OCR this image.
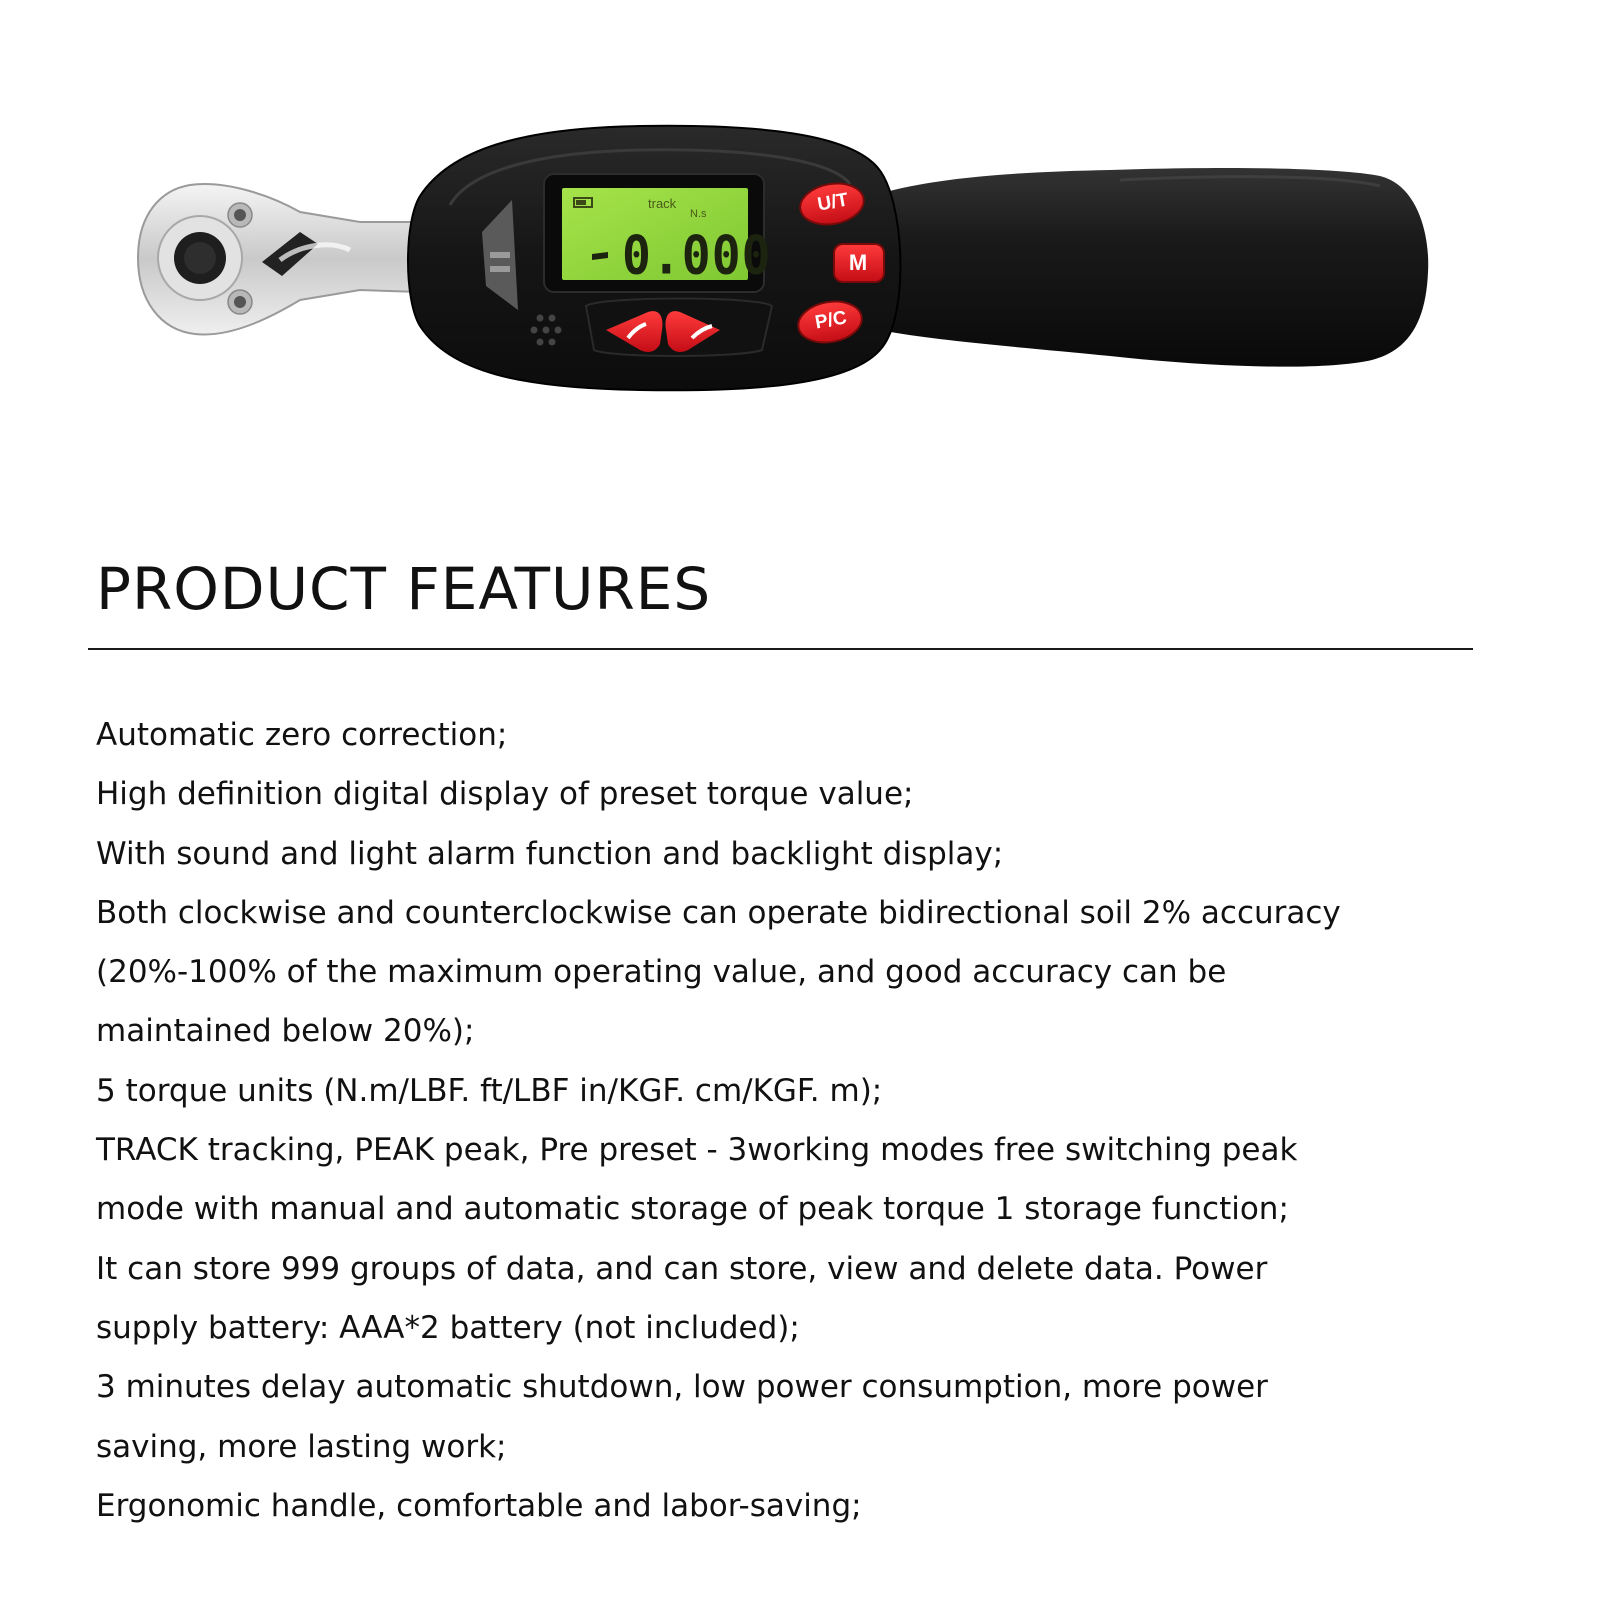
track
N.s
0.000
U/T
M
P/C
PRODUCT FEATURES
Automatic zero correction;
High definition digital display of preset torque value;
With sound and light alarm function and backlight display;
Both clockwise and counterclockwise can operate bidirectional soil 2% accuracy
(20%-100% of the maximum operating value, and good accuracy can be
maintained below 20%);
5 torque units (N.m/LBF. ft/LBF in/KGF. cm/KGF. m);
TRACK tracking, PEAK peak, Pre preset - 3working modes free switching peak
mode with manual and automatic storage of peak torque 1 storage function;
It can store 999 groups of data, and can store, view and delete data. Power
supply battery: AAA*2 battery (not included);
3 minutes delay automatic shutdown, low power consumption, more power
saving, more lasting work;
Ergonomic handle, comfortable and labor-saving;
